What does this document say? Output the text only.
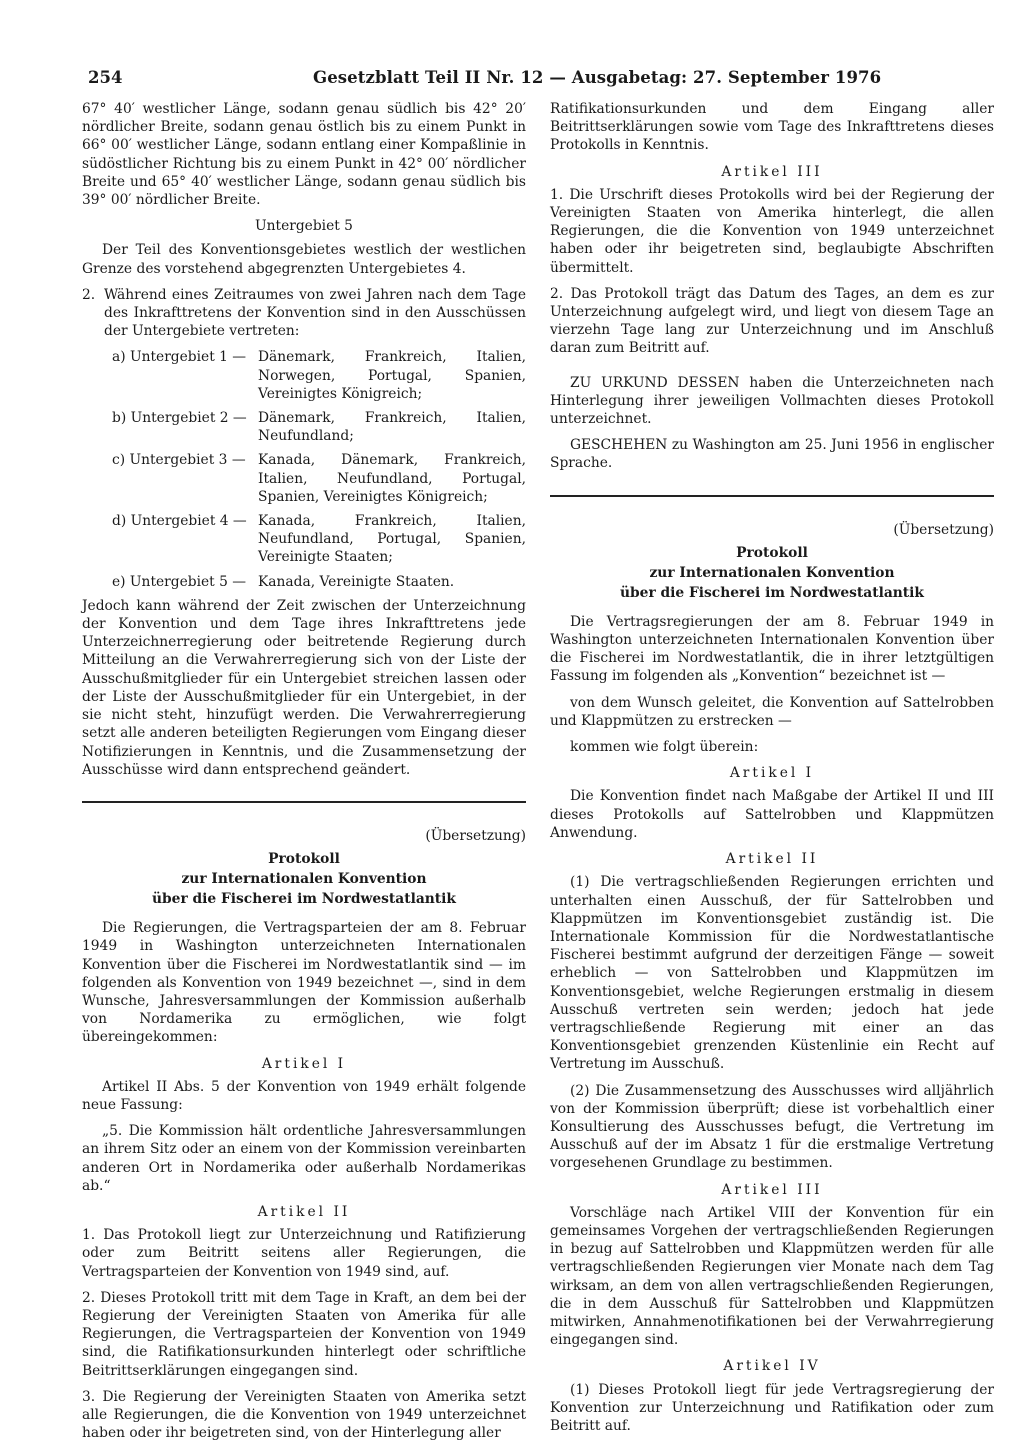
254	Gesetzblatt Teil II Nr. 12 — Ausgabetag: 27. September 1976

67° 40′ westlicher Länge, sodann genau südlich bis 42° 20′ nördlicher Breite, sodann genau östlich bis zu einem Punkt in 66° 00′ westlicher Länge, sodann entlang einer Kompaßlinie in südöstlicher Richtung bis zu einem Punkt in 42° 00′ nördlicher Breite und 65° 40′ westlicher Länge, sodann genau südlich bis 39° 00′ nördlicher Breite.

Untergebiet 5

Der Teil des Konventionsgebietes westlich der westlichen Grenze des vorstehend abgegrenzten Untergebietes 4.

2. Während eines Zeitraumes von zwei Jahren nach dem Tage des Inkrafttretens der Konvention sind in den Ausschüssen der Untergebiete vertreten:
a) Untergebiet 1 — Dänemark, Frankreich, Italien, Norwegen, Portugal, Spanien, Vereinigtes Königreich;
b) Untergebiet 2 — Dänemark, Frankreich, Italien, Neufundland;
c) Untergebiet 3 — Kanada, Dänemark, Frankreich, Italien, Neufundland, Portugal, Spanien, Vereinigtes Königreich;
d) Untergebiet 4 — Kanada, Frankreich, Italien, Neufundland, Portugal, Spanien, Vereinigte Staaten;
e) Untergebiet 5 — Kanada, Vereinigte Staaten.

Jedoch kann während der Zeit zwischen der Unterzeichnung der Konvention und dem Tage ihres Inkrafttretens jede Unterzeichnerregierung oder beitretende Regierung durch Mitteilung an die Verwahrerregierung sich von der Liste der Ausschußmitglieder für ein Untergebiet streichen lassen oder der Liste der Ausschußmitglieder für ein Untergebiet, in der sie nicht steht, hinzufügt werden. Die Verwahrerregierung setzt alle anderen beteiligten Regierungen vom Eingang dieser Notifizierungen in Kenntnis, und die Zusammensetzung der Ausschüsse wird dann entsprechend geändert.

(Übersetzung)
Protokoll
zur Internationalen Konvention
über die Fischerei im Nordwestatlantik

Die Regierungen, die Vertragsparteien der am 8. Februar 1949 in Washington unterzeichneten Internationalen Konvention über die Fischerei im Nordwestatlantik sind — im folgenden als Konvention von 1949 bezeichnet —, sind in dem Wunsche, Jahresversammlungen der Kommission außerhalb von Nordamerika zu ermöglichen, wie folgt übereingekommen:

Artikel I

Artikel II Abs. 5 der Konvention von 1949 erhält folgende neue Fassung:

„5. Die Kommission hält ordentliche Jahresversammlungen an ihrem Sitz oder an einem von der Kommission vereinbarten anderen Ort in Nordamerika oder außerhalb Nordamerikas ab.“

Artikel II

1. Das Protokoll liegt zur Unterzeichnung und Ratifizierung oder zum Beitritt seitens aller Regierungen, die Vertragsparteien der Konvention von 1949 sind, auf.

2. Dieses Protokoll tritt mit dem Tage in Kraft, an dem bei der Regierung der Vereinigten Staaten von Amerika für alle Regierungen, die Vertragsparteien der Konvention von 1949 sind, die Ratifikationsurkunden hinterlegt oder schriftliche Beitrittserklärungen eingegangen sind.

3. Die Regierung der Vereinigten Staaten von Amerika setzt alle Regierungen, die die Konvention von 1949 unterzeichnet haben oder ihr beigetreten sind, von der Hinterlegung aller

Ratifikationsurkunden und dem Eingang aller Beitrittserklärungen sowie vom Tage des Inkrafttretens dieses Protokolls in Kenntnis.

Artikel III

1. Die Urschrift dieses Protokolls wird bei der Regierung der Vereinigten Staaten von Amerika hinterlegt, die allen Regierungen, die die Konvention von 1949 unterzeichnet haben oder ihr beigetreten sind, beglaubigte Abschriften übermittelt.

2. Das Protokoll trägt das Datum des Tages, an dem es zur Unterzeichnung aufgelegt wird, und liegt von diesem Tage an vierzehn Tage lang zur Unterzeichnung und im Anschluß daran zum Beitritt auf.

ZU URKUND DESSEN haben die Unterzeichneten nach Hinterlegung ihrer jeweiligen Vollmachten dieses Protokoll unterzeichnet.

GESCHEHEN zu Washington am 25. Juni 1956 in englischer Sprache.

(Übersetzung)
Protokoll
zur Internationalen Konvention
über die Fischerei im Nordwestatlantik

Die Vertragsregierungen der am 8. Februar 1949 in Washington unterzeichneten Internationalen Konvention über die Fischerei im Nordwestatlantik, die in ihrer letztgültigen Fassung im folgenden als „Konvention“ bezeichnet ist —

von dem Wunsch geleitet, die Konvention auf Sattelrobben und Klappmützen zu erstrecken —

kommen wie folgt überein:

Artikel I

Die Konvention findet nach Maßgabe der Artikel II und III dieses Protokolls auf Sattelrobben und Klappmützen Anwendung.

Artikel II

(1) Die vertragschließenden Regierungen errichten und unterhalten einen Ausschuß, der für Sattelrobben und Klappmützen im Konventionsgebiet zuständig ist. Die Internationale Kommission für die Nordwestatlantische Fischerei bestimmt aufgrund der derzeitigen Fänge — soweit erheblich — von Sattelrobben und Klappmützen im Konventionsgebiet, welche Regierungen erstmalig in diesem Ausschuß vertreten sein werden; jedoch hat jede vertragschließende Regierung mit einer an das Konventionsgebiet grenzenden Küstenlinie ein Recht auf Vertretung im Ausschuß.

(2) Die Zusammensetzung des Ausschusses wird alljährlich von der Kommission überprüft; diese ist vorbehaltlich einer Konsultierung des Ausschusses befugt, die Vertretung im Ausschuß auf der im Absatz 1 für die erstmalige Vertretung vorgesehenen Grundlage zu bestimmen.

Artikel III

Vorschläge nach Artikel VIII der Konvention für ein gemeinsames Vorgehen der vertragschließenden Regierungen in bezug auf Sattelrobben und Klappmützen werden für alle vertragschließenden Regierungen vier Monate nach dem Tag wirksam, an dem von allen vertragschließenden Regierungen, die in dem Ausschuß für Sattelrobben und Klappmützen mitwirken, Annahmenotifikationen bei der Verwahrregierung eingegangen sind.

Artikel IV

(1) Dieses Protokoll liegt für jede Vertragsregierung der Konvention zur Unterzeichnung und Ratifikation oder zum Beitritt auf.
